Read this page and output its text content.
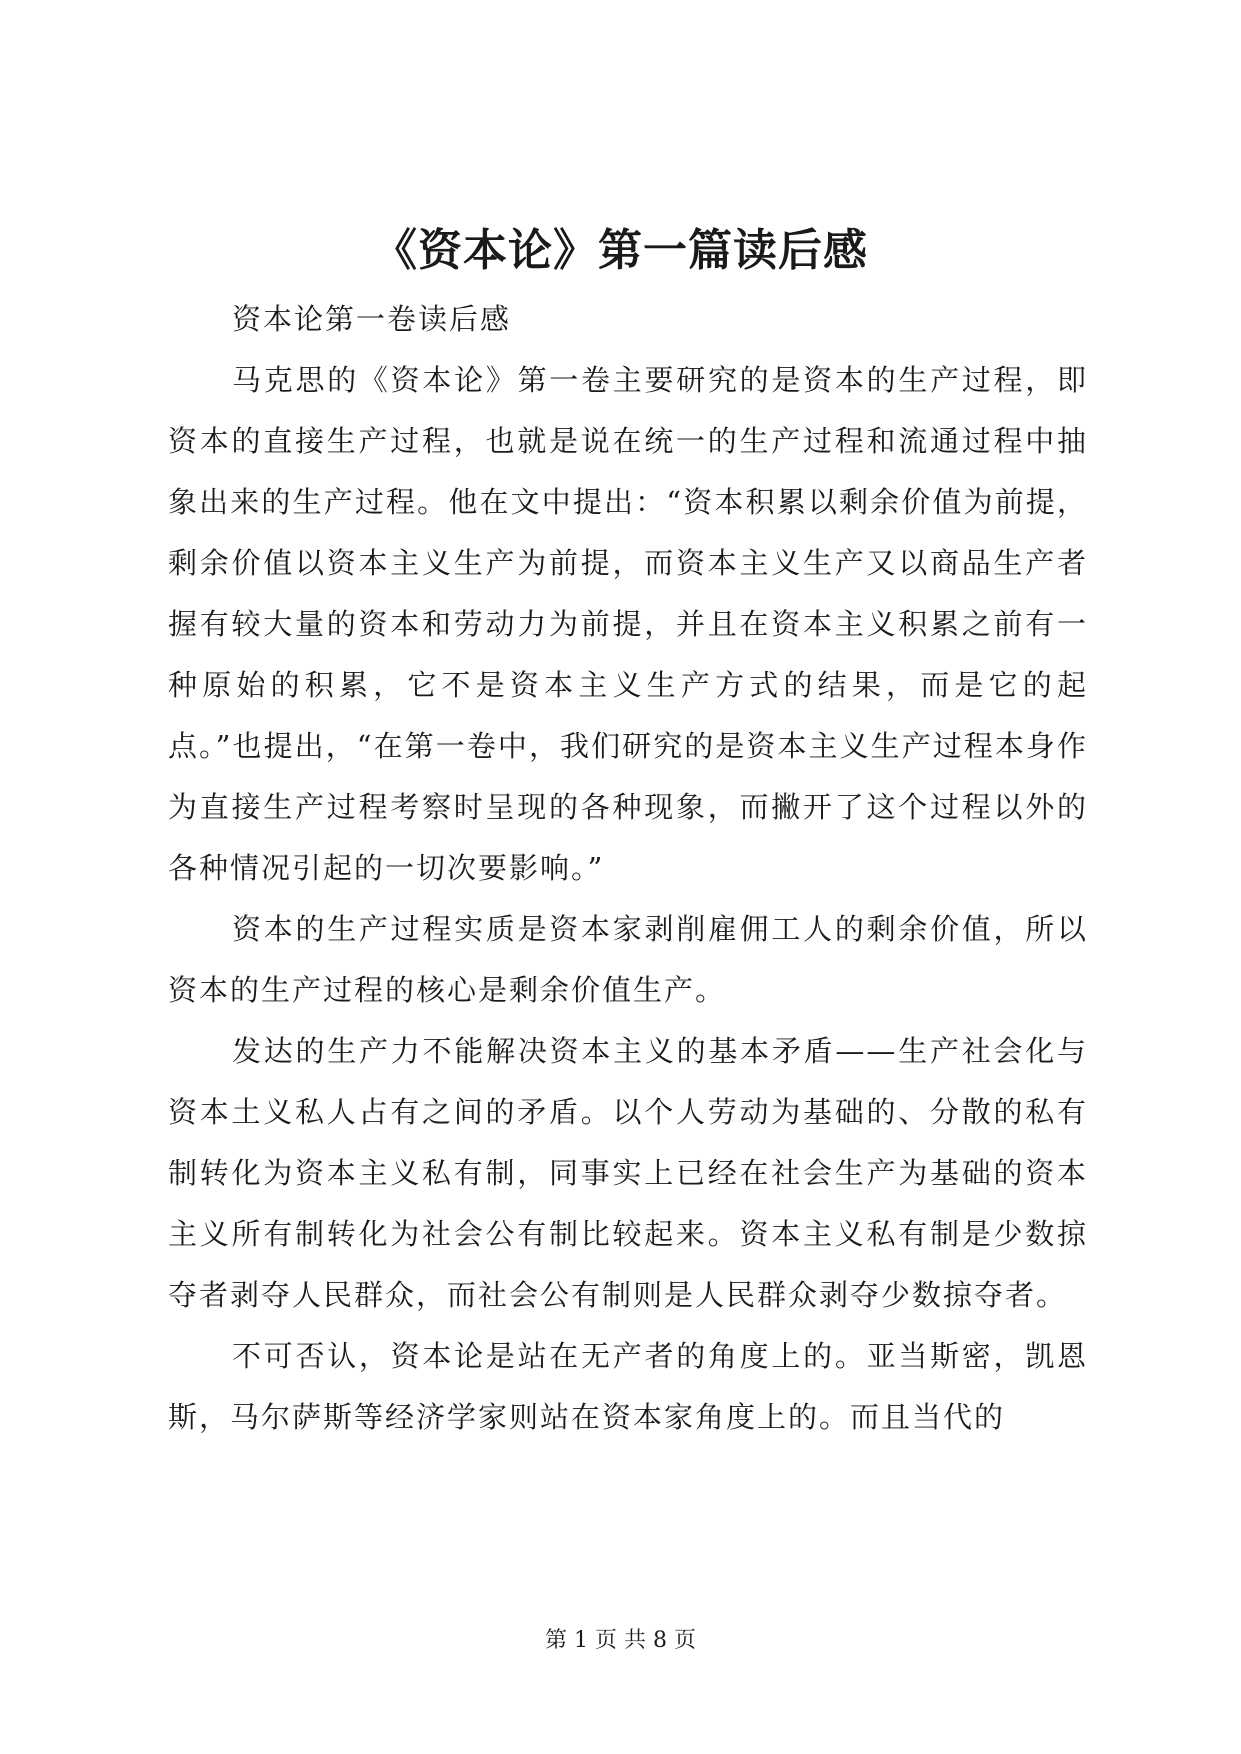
《资本论》第一篇读后感

资本论第一卷读后感

马克思的《资本论》第一卷主要研究的是资本的生产过程，即资本的直接生产过程，也就是说在统一的生产过程和流通过程中抽象出来的生产过程。他在文中提出：“资本积累以剩余价值为前提，剩余价值以资本主义生产为前提，而资本主义生产又以商品生产者握有较大量的资本和劳动力为前提，并且在资本主义积累之前有一种原始的积累，它不是资本主义生产方式的结果，而是它的起点。”也提出，“在第一卷中，我们研究的是资本主义生产过程本身作为直接生产过程考察时呈现的各种现象，而撇开了这个过程以外的各种情况引起的一切次要影响。”

资本的生产过程实质是资本家剥削雇佣工人的剩余价值，所以资本的生产过程的核心是剩余价值生产。

发达的生产力不能解决资本主义的基本矛盾——生产社会化与资本土义私人占有之间的矛盾。以个人劳动为基础的、分散的私有制转化为资本主义私有制，同事实上已经在社会生产为基础的资本主义所有制转化为社会公有制比较起来。资本主义私有制是少数掠夺者剥夺人民群众，而社会公有制则是人民群众剥夺少数掠夺者。

不可否认，资本论是站在无产者的角度上的。亚当斯密，凯恩斯，马尔萨斯等经济学家则站在资本家角度上的。而且当代的

第 1 页 共 8 页
